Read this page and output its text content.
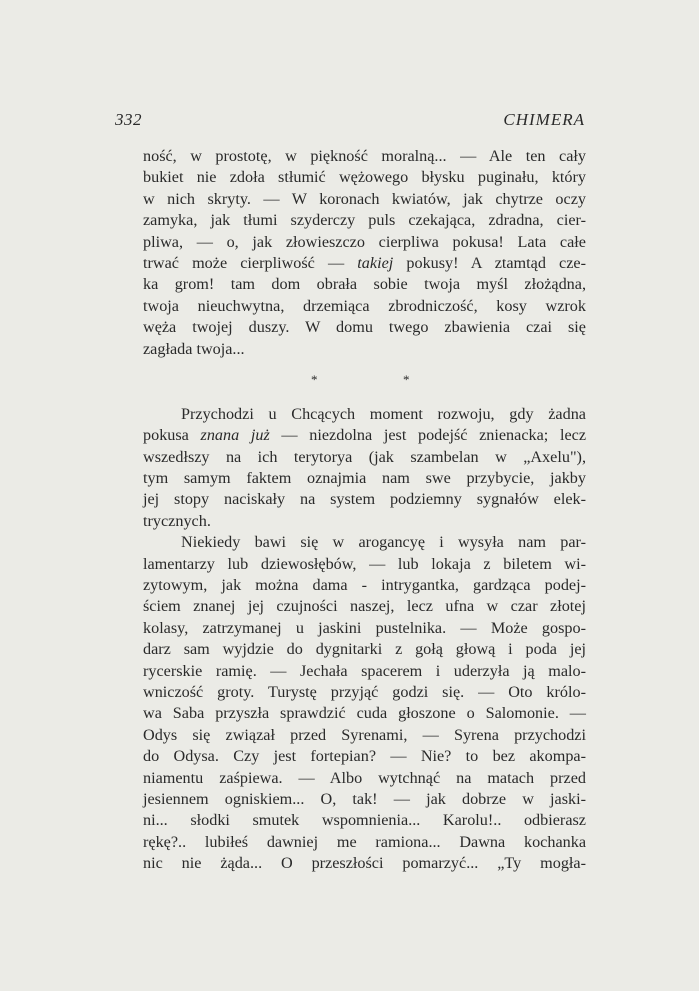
332	CHIMERA
ność, w prostotę, w piękność moralną... — Ale ten cały
bukiet nie zdoła stłumić wężowego błysku puginału, który
w nich skryty. — W koronach kwiatów, jak chytrze oczy
zamyka, jak tłumi szyderczy puls czekająca, zdradna, cier-
pliwa, — o, jak złowieszczo cierpliwa pokusa! Lata całe
trwać może cierpliwość — takiej pokusy! A ztamtąd cze-
ka grom! tam dom obrała sobie twoja myśl złożądna,
twoja nieuchwytna, drzemiąca zbrodniczość, kosy wzrok
węża twojej duszy. W domu twego zbawienia czai się
zagłada twoja...
*	*
Przychodzi u Chcących moment rozwoju, gdy żadna
pokusa znana już — niezdolna jest podejść znienacka; lecz
wszedłszy na ich terytorya (jak szambelan w „Axelu"),
tym samym faktem oznajmia nam swe przybycie, jakby
jej stopy naciskały na system podziemny sygnałów elek-
trycznych.
Niekiedy bawi się w arogancyę i wysyła nam par-
lamentarzy lub dziewosłębów, — lub lokaja z biletem wi-
zytowym, jak można dama - intrygantka, gardząca podej-
ściem znanej jej czujności naszej, lecz ufna w czar złotej
kolasy, zatrzymanej u jaskini pustelnika. — Może gospo-
darz sam wyjdzie do dygnitarki z gołą głową i poda jej
rycerskie ramię. — Jechała spacerem i uderzyła ją malo-
wniczość groty. Turystę przyjąć godzi się. — Oto królo-
wa Saba przyszła sprawdzić cuda głoszone o Salomonie. —
Odys się związał przed Syrenami, — Syrena przychodzi
do Odysa. Czy jest fortepian? — Nie? to bez akompa-
niamentu zaśpiewa. — Albo wytchnąć na matach przed
jesiennem ogniskiem... O, tak! — jak dobrze w jaski-
ni... słodki smutek wspomnienia... Karolu!.. odbierasz
rękę?.. lubiłeś dawniej me ramiona... Dawna kochanka
nic nie żąda... O przeszłości pomarzyć... „Ty mogła-
